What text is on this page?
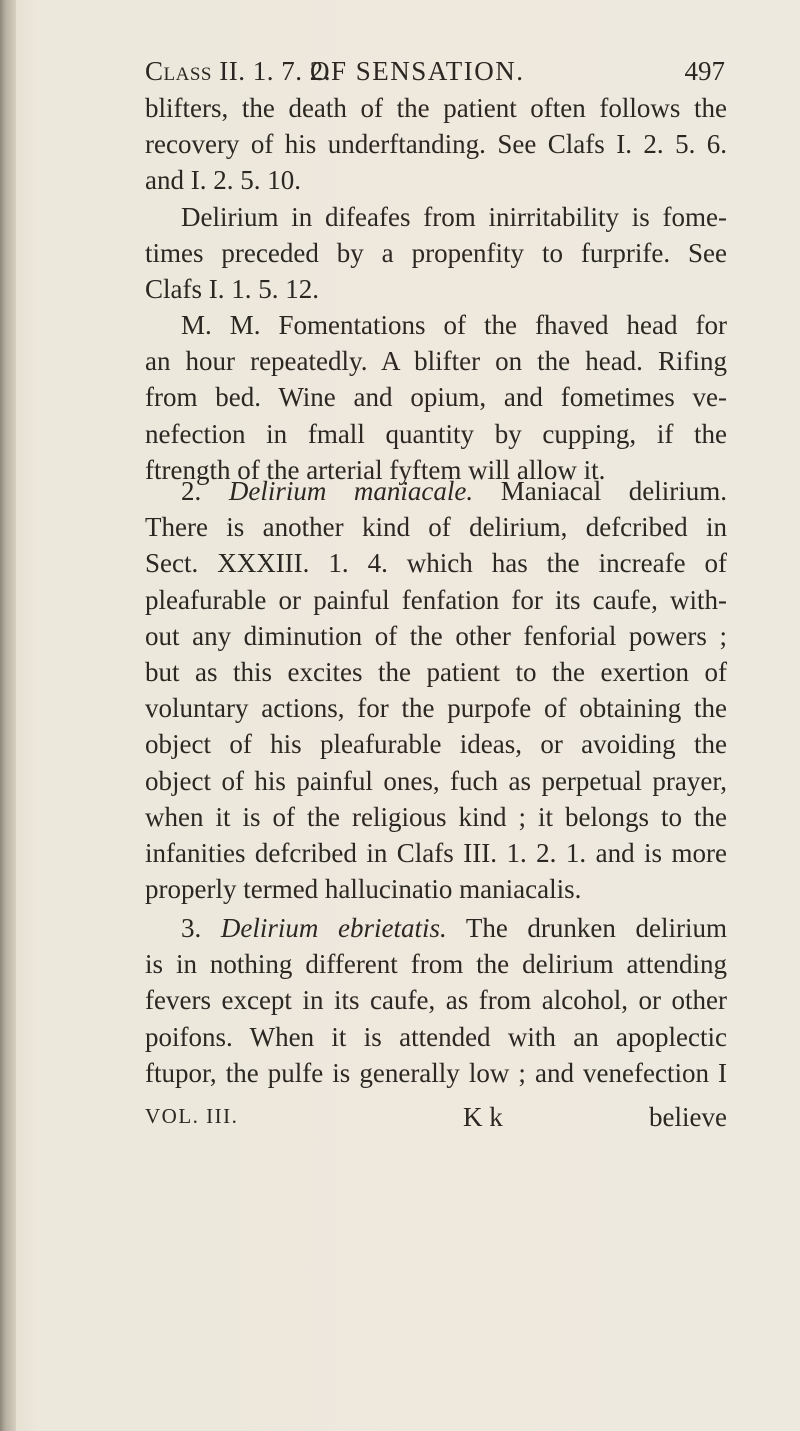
Class II. 1. 7. 2.
OF SENSATION.	497
blifters, the death of the patient often follows the
recovery of his underftanding. See Clafs I. 2. 5. 6.
and I. 2. 5. 10.
Delirium in difeafes from inirritability is fome-
times preceded by a propenfity to furprife. See
Clafs I. 1. 5. 12.
M. M. Fomentations of the fhaved head for
an hour repeatedly. A blifter on the head. Rifing
from bed. Wine and opium, and fometimes ve-
nefection in fmall quantity by cupping, if the
ftrength of the arterial fyftem will allow it.
2. Delirium maniacale. Maniacal delirium.
There is another kind of delirium, defcribed in
Sect. XXXIII. 1. 4. which has the increafe of
pleafurable or painful fenfation for its caufe, with-
out any diminution of the other fenforial powers ;
but as this excites the patient to the exertion of
voluntary actions, for the purpofe of obtaining the
object of his pleafurable ideas, or avoiding the
object of his painful ones, fuch as perpetual prayer,
when it is of the religious kind ; it belongs to the
infanities defcribed in Clafs III. 1. 2. 1. and is more
properly termed hallucinatio maniacalis.
3. Delirium ebrietatis. The drunken delirium
is in nothing different from the delirium attending
fevers except in its caufe, as from alcohol, or other
poifons. When it is attended with an apoplectic
ftupor, the pulfe is generally low ; and venefection I
VOL. III.	K k	believe
